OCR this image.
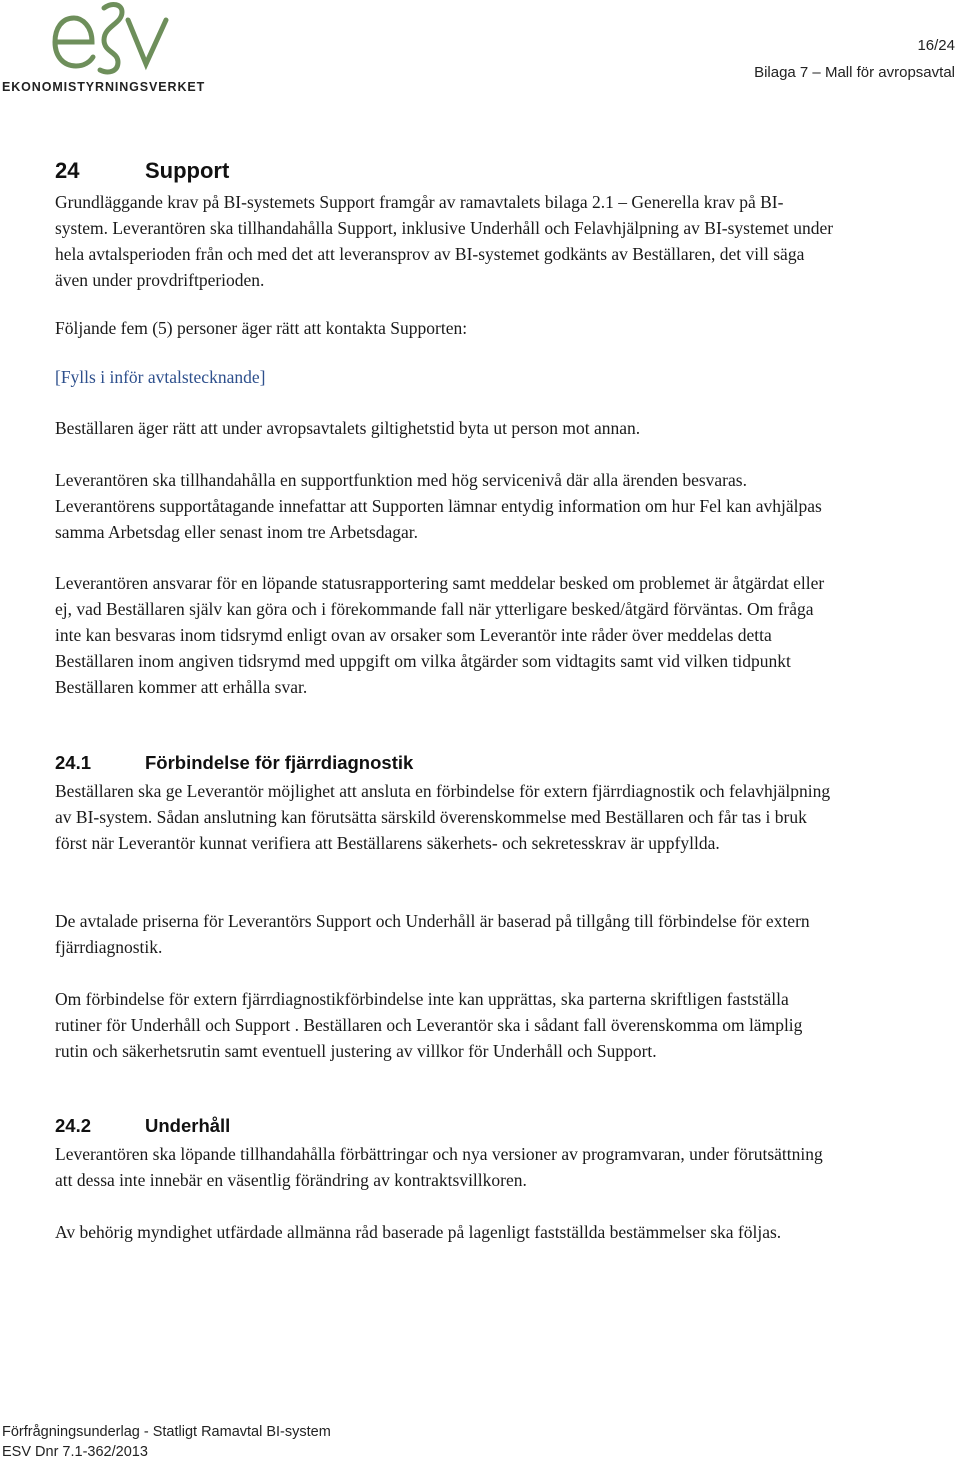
EKONOMISTYRNINGSVERKET
16/24
Bilaga 7 – Mall för avropsavtal
24	Support

Grundläggande krav på BI-systemets Support framgår av ramavtalets bilaga 2.1 – Generella krav på BI-system. Leverantören ska tillhandahålla Support, inklusive Underhåll och Felavhjälpning av BI-systemet under hela avtalsperioden från och med det att leveransprov av BI-systemet godkänts av Beställaren, det vill säga även under provdriftperioden.

Följande fem (5) personer äger rätt att kontakta Supporten:

[Fylls i inför avtalstecknande]

Beställaren äger rätt att under avropsavtalets giltighetstid byta ut person mot annan.

Leverantören ska tillhandahålla en supportfunktion med hög servicenivå där alla ärenden besvaras. Leverantörens supportåtagande innefattar att Supporten lämnar entydig information om hur Fel kan avhjälpas samma Arbetsdag eller senast inom tre Arbetsdagar.

Leverantören ansvarar för en löpande statusrapportering samt meddelar besked om problemet är åtgärdat eller ej, vad Beställaren själv kan göra och i förekommande fall när ytterligare besked/åtgärd förväntas. Om fråga inte kan besvaras inom tidsrymd enligt ovan av orsaker som Leverantör inte råder över meddelas detta Beställaren inom angiven tidsrymd med uppgift om vilka åtgärder som vidtagits samt vid vilken tidpunkt Beställaren kommer att erhålla svar.

24.1	Förbindelse för fjärrdiagnostik

Beställaren ska ge Leverantör möjlighet att ansluta en förbindelse för extern fjärrdiagnostik och felavhjälpning av BI-system. Sådan anslutning kan förutsätta särskild överenskommelse med Beställaren och får tas i bruk först när Leverantör kunnat verifiera att Beställarens säkerhets- och sekretesskrav är uppfyllda.

De avtalade priserna för Leverantörs Support och Underhåll är baserad på tillgång till förbindelse för extern fjärrdiagnostik.

Om förbindelse för extern fjärrdiagnostikförbindelse inte kan upprättas, ska parterna skriftligen fastställa rutiner för Underhåll och Support . Beställaren och Leverantör ska i sådant fall överenskomma om lämplig rutin och säkerhetsrutin samt eventuell justering av villkor för Underhåll och Support.

24.2	Underhåll

Leverantören ska löpande tillhandahålla förbättringar och nya versioner av programvaran, under förutsättning att dessa inte innebär en väsentlig förändring av kontraktsvillkoren.

Av behörig myndighet utfärdade allmänna råd baserade på lagenligt fastställda bestämmelser ska följas.

Förfrågningsunderlag - Statligt Ramavtal BI-system
ESV Dnr 7.1-362/2013
